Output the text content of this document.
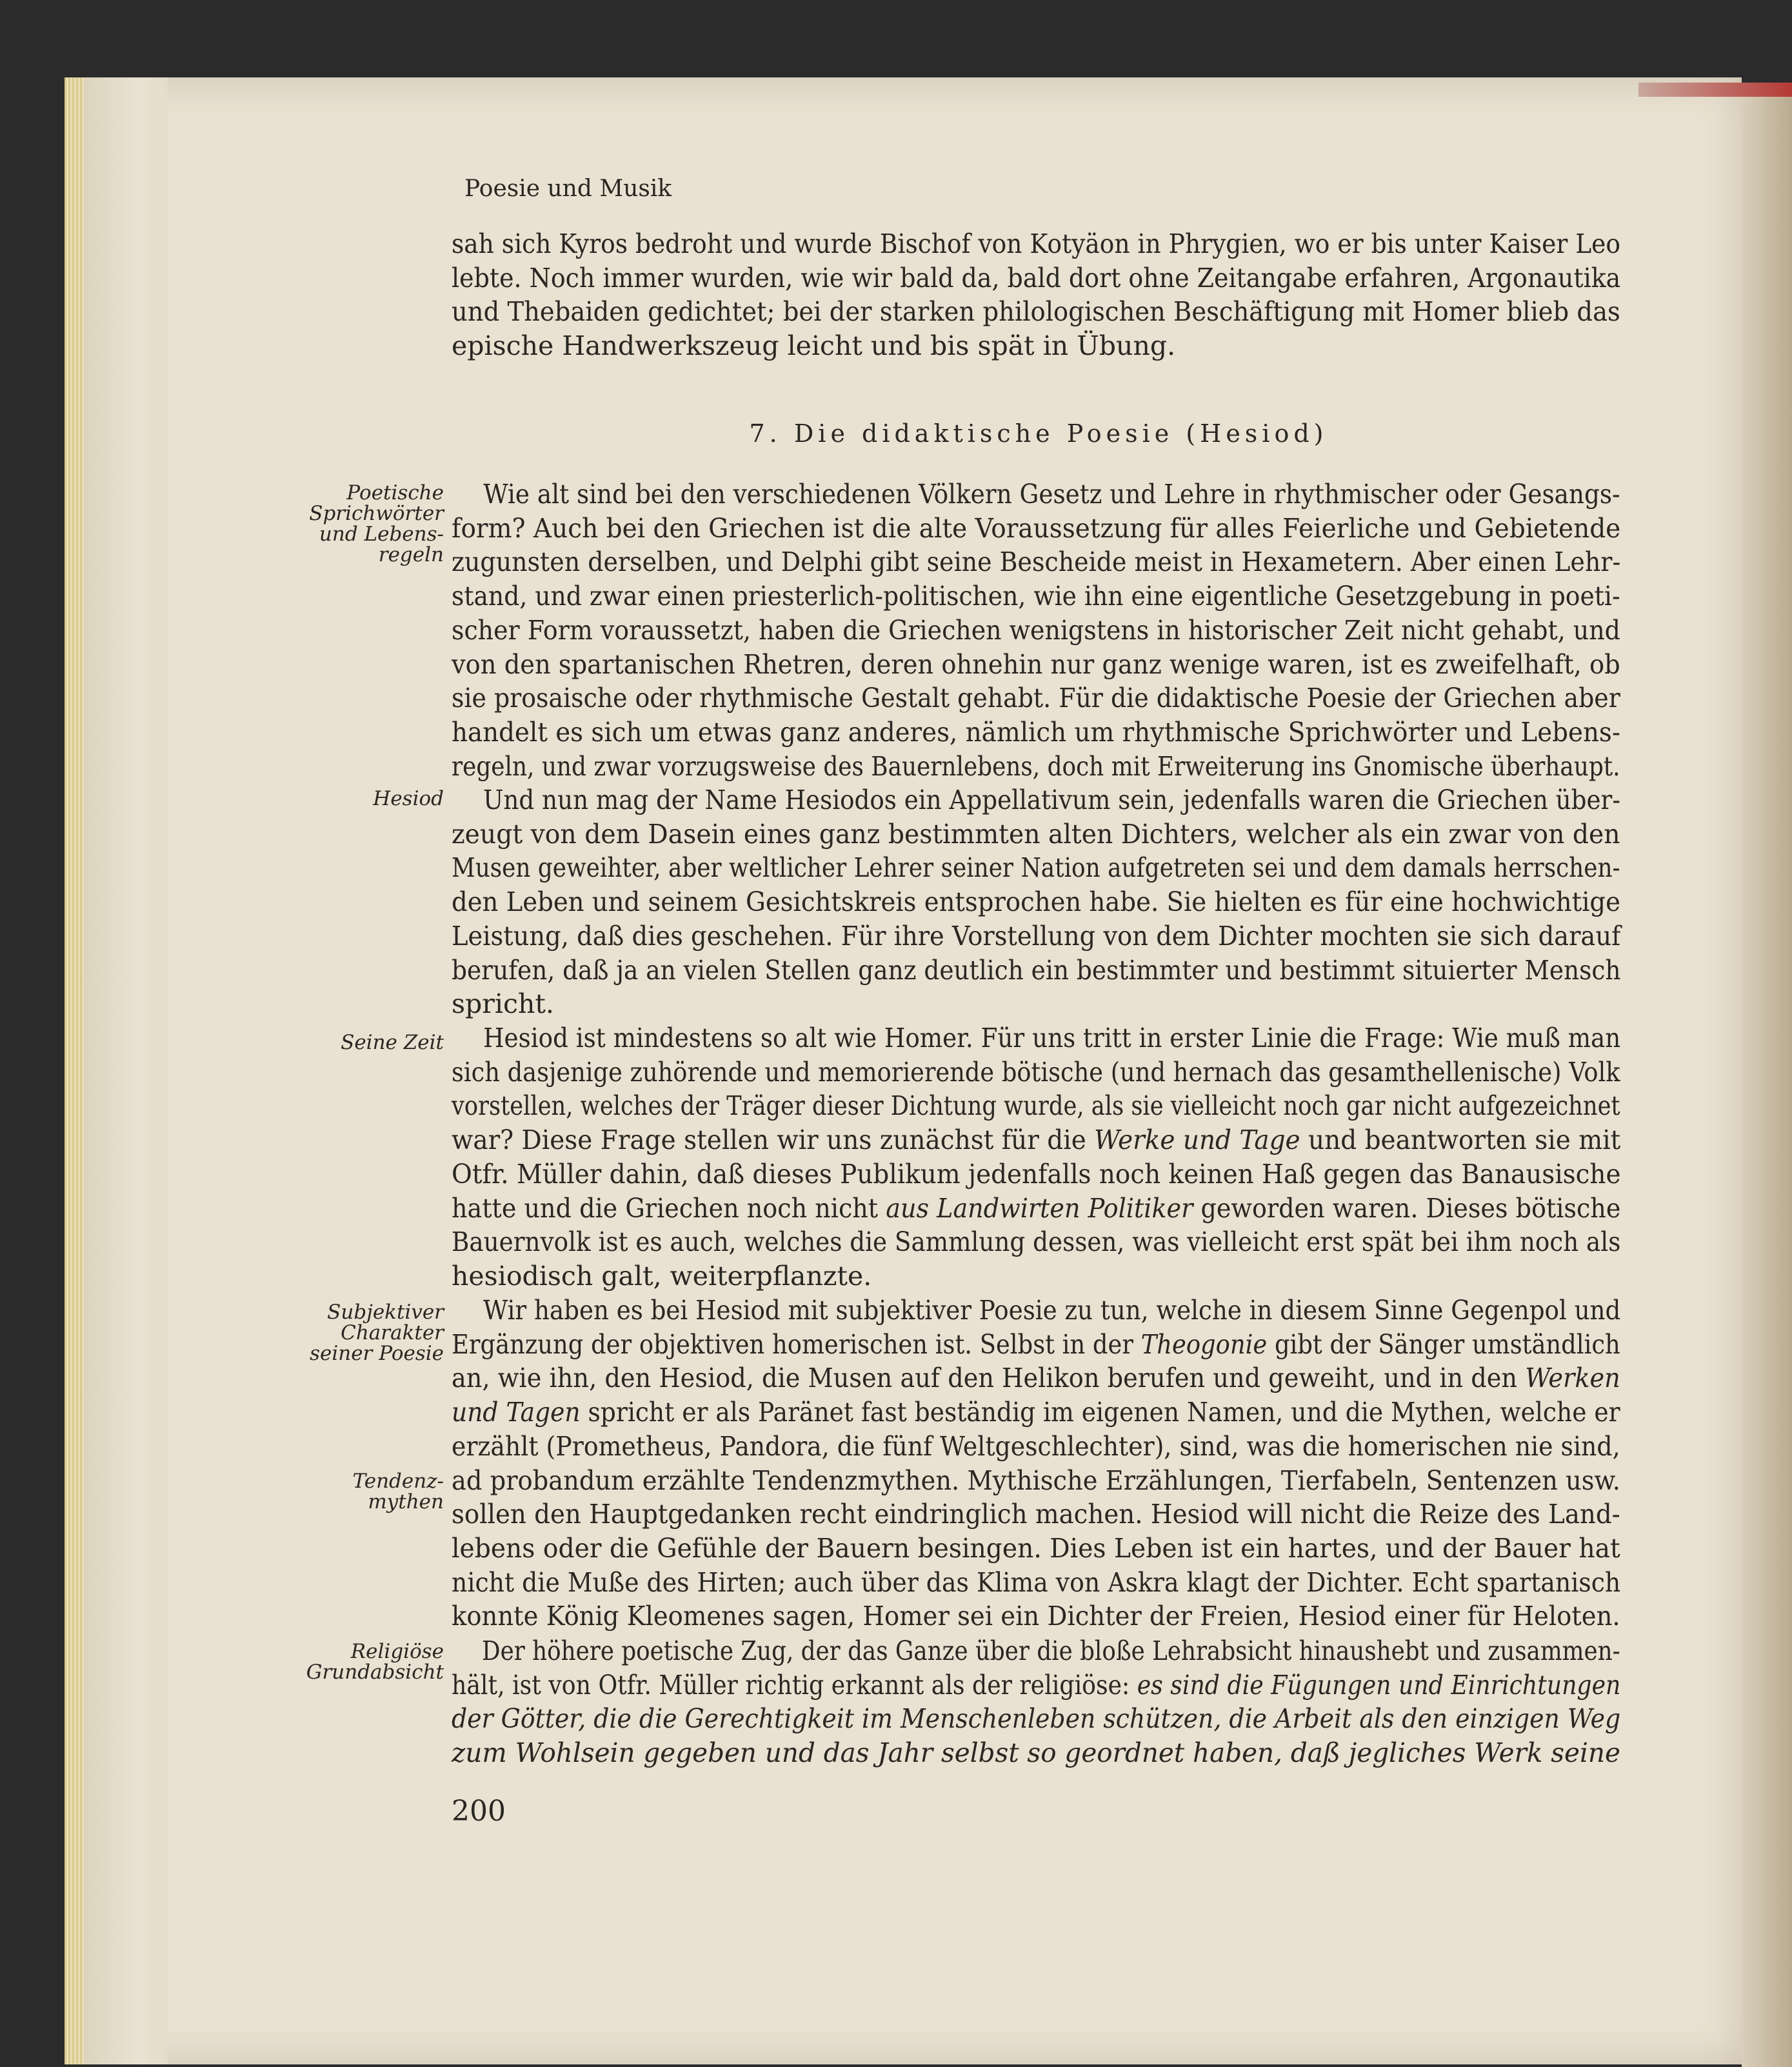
Poesie und Musik
sah sich Kyros bedroht und wurde Bischof von Kotyäon in Phrygien, wo er bis unter Kaiser Leo
lebte. Noch immer wurden, wie wir bald da, bald dort ohne Zeitangabe erfahren, Argonautika
und Thebaiden gedichtet; bei der starken philologischen Beschäftigung mit Homer blieb das
epische Handwerkszeug leicht und bis spät in Übung.
7. Die didaktische Poesie (Hesiod)
Poetische
Sprichwörter
und Lebens-
regeln
Hesiod
Seine Zeit
Subjektiver
Charakter
seiner Poesie
Tendenz-
mythen
Religiöse
Grundabsicht
Wie alt sind bei den verschiedenen Völkern Gesetz und Lehre in rhythmischer oder Gesangs-
form? Auch bei den Griechen ist die alte Voraussetzung für alles Feierliche und Gebietende
zugunsten derselben, und Delphi gibt seine Bescheide meist in Hexametern. Aber einen Lehr-
stand, und zwar einen priesterlich-politischen, wie ihn eine eigentliche Gesetzgebung in poeti-
scher Form voraussetzt, haben die Griechen wenigstens in historischer Zeit nicht gehabt, und
von den spartanischen Rhetren, deren ohnehin nur ganz wenige waren, ist es zweifelhaft, ob
sie prosaische oder rhythmische Gestalt gehabt. Für die didaktische Poesie der Griechen aber
handelt es sich um etwas ganz anderes, nämlich um rhythmische Sprichwörter und Lebens-
regeln, und zwar vorzugsweise des Bauernlebens, doch mit Erweiterung ins Gnomische überhaupt.
Und nun mag der Name Hesiodos ein Appellativum sein, jedenfalls waren die Griechen über-
zeugt von dem Dasein eines ganz bestimmten alten Dichters, welcher als ein zwar von den
Musen geweihter, aber weltlicher Lehrer seiner Nation aufgetreten sei und dem damals herrschen-
den Leben und seinem Gesichtskreis entsprochen habe. Sie hielten es für eine hochwichtige
Leistung, daß dies geschehen. Für ihre Vorstellung von dem Dichter mochten sie sich darauf
berufen, daß ja an vielen Stellen ganz deutlich ein bestimmter und bestimmt situierter Mensch
spricht.
Hesiod ist mindestens so alt wie Homer. Für uns tritt in erster Linie die Frage: Wie muß man
sich dasjenige zuhörende und memorierende bötische (und hernach das gesamthellenische) Volk
vorstellen, welches der Träger dieser Dichtung wurde, als sie vielleicht noch gar nicht aufgezeichnet
war? Diese Frage stellen wir uns zunächst für die Werke und Tage und beantworten sie mit
Otfr. Müller dahin, daß dieses Publikum jedenfalls noch keinen Haß gegen das Banausische
hatte und die Griechen noch nicht aus Landwirten Politiker geworden waren. Dieses bötische
Bauernvolk ist es auch, welches die Sammlung dessen, was vielleicht erst spät bei ihm noch als
hesiodisch galt, weiterpflanzte.
Wir haben es bei Hesiod mit subjektiver Poesie zu tun, welche in diesem Sinne Gegenpol und
Ergänzung der objektiven homerischen ist. Selbst in der Theogonie gibt der Sänger umständlich
an, wie ihn, den Hesiod, die Musen auf den Helikon berufen und geweiht, und in den Werken
und Tagen spricht er als Paränet fast beständig im eigenen Namen, und die Mythen, welche er
erzählt (Prometheus, Pandora, die fünf Weltgeschlechter), sind, was die homerischen nie sind,
ad probandum erzählte Tendenzmythen. Mythische Erzählungen, Tierfabeln, Sentenzen usw.
sollen den Hauptgedanken recht eindringlich machen. Hesiod will nicht die Reize des Land-
lebens oder die Gefühle der Bauern besingen. Dies Leben ist ein hartes, und der Bauer hat
nicht die Muße des Hirten; auch über das Klima von Askra klagt der Dichter. Echt spartanisch
konnte König Kleomenes sagen, Homer sei ein Dichter der Freien, Hesiod einer für Heloten.
Der höhere poetische Zug, der das Ganze über die bloße Lehrabsicht hinaushebt und zusammen-
hält, ist von Otfr. Müller richtig erkannt als der religiöse: es sind die Fügungen und Einrichtungen
der Götter, die die Gerechtigkeit im Menschenleben schützen, die Arbeit als den einzigen Weg
zum Wohlsein gegeben und das Jahr selbst so geordnet haben, daß jegliches Werk seine
200
